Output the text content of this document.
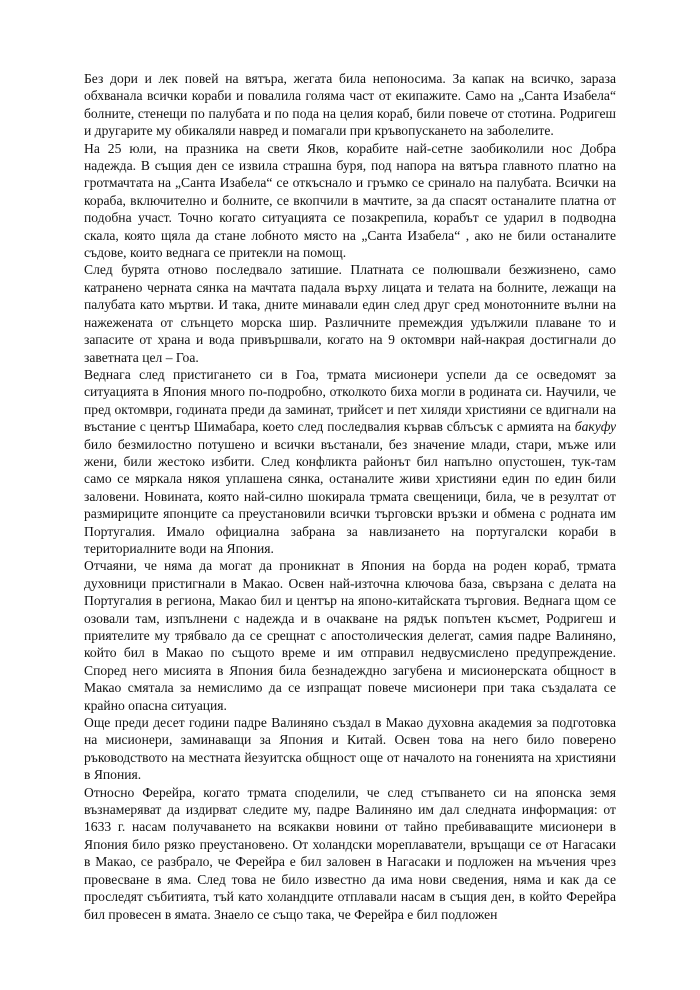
Без дори и лек повей на вятъра, жегата била непоносима. За капак на всичко, зараза обхванала всички кораби и повалила голяма част от екипажите. Само на „Санта Изабела“ болните, стенещи по палубата и по пода на целия кораб, били повече от стотина. Родригеш и другарите му обикаляли навред и помагали при кръвопускането на заболелите.

На 25 юли, на празника на свети Яков, корабите най-сетне заобиколили нос Добра надежда. В същия ден се извила страшна буря, под напора на вятъра главното платно на гротмачтата на „Санта Изабела“ се откъснало и гръмко се сринало на палубата. Всички на кораба, включително и болните, се вкопчили в мачтите, за да спасят останалите платна от подобна участ. Точно когато ситуацията се позакрепила, корабът се ударил в подводна скала, която щяла да стане лобното място на „Санта Изабела“ , ако не били останалите съдове, които веднага се притекли на помощ.

След бурята отново последвало затишие. Платната се полюшвали безжизнено, само катранено черната сянка на мачтата падала върху лицата и телата на болните, лежащи на палубата като мъртви. И така, дните минавали един след друг сред монотонните вълни на нажежената от слънцето морска шир. Различните премеждия удължили плаване то и запасите от храна и вода привършвали, когато на 9 октомври най-накрая достигнали до заветната цел – Гоа.

Веднага след пристигането си в Гоа, трмата мисионери успели да се осведомят за ситуацията в Япония много по-подробно, отколкото биха могли в родината си. Научили, че пред октомври, годината преди да заминат, трийсет и пет хиляди християни се вдигнали на въстание с център Шимабара, което след последвалия кървав сблъсък с армията на бакуфу било безмилостно потушено и всички въстанали, без значение млади, стари, мъже или жени, били жестоко избити. След конфликта районът бил напълно опустошен, тук-там само се мяркала някоя уплашена сянка, останалите живи християни един по един били заловени. Новината, която най-силно шокирала трмата свещеници, била, че в резултат от размириците японците са преустановили всички търговски връзки и обмена с родната им Португалия. Имало официална забрана за навлизането на португалски кораби в териториалните води на Япония.

Отчаяни, че няма да могат да проникнат в Япония на борда на роден кораб, трмата духовници пристигнали в Макао. Освен най-източна ключова база, свързана с делата на Португалия в региона, Макао бил и център на японо-китайската търговия. Веднага щом се озовали там, изпълнени с надежда и в очакване на рядък попътен късмет, Родригеш и приятелите му трябвало да се срещнат с апостолическия делегат, самия падре Валиняно, който бил в Макао по същото време и им отправил недвусмислено предупреждение. Според него мисията в Япония била безнадеждно загубена и мисионерската общност в Макао смятала за немислимо да се изпращат повече мисионери при така създалата се крайно опасна ситуация.

Още преди десет години падре Валиняно създал в Макао духовна академия за подготовка на мисионери, заминаващи за Япония и Китай. Освен това на него било поверено ръководството на местната йезуитска общност още от началото на гоненията на християни в Япония.

Относно Ферейра, когато трмата споделили, че след стъпването си на японска земя възнамеряват да издирват следите му, падре Валиняно им дал следната информация: от 1633 г. насам получаването на всякакви новини от тайно пребиваващите мисионери в Япония било рязко преустановено. От холандски мореплаватели, връщащи се от Нагасаки в Макао, се разбрало, че Ферейра е бил заловен в Нагасаки и подложен на мъчения чрез провесване в яма. След това не било известно да има нови сведения, няма и как да се проследят събитията, тъй като холандците отплавали насам в същия ден, в който Ферейра бил провесен в ямата. Знаело се също така, че Ферейра е бил подложен
